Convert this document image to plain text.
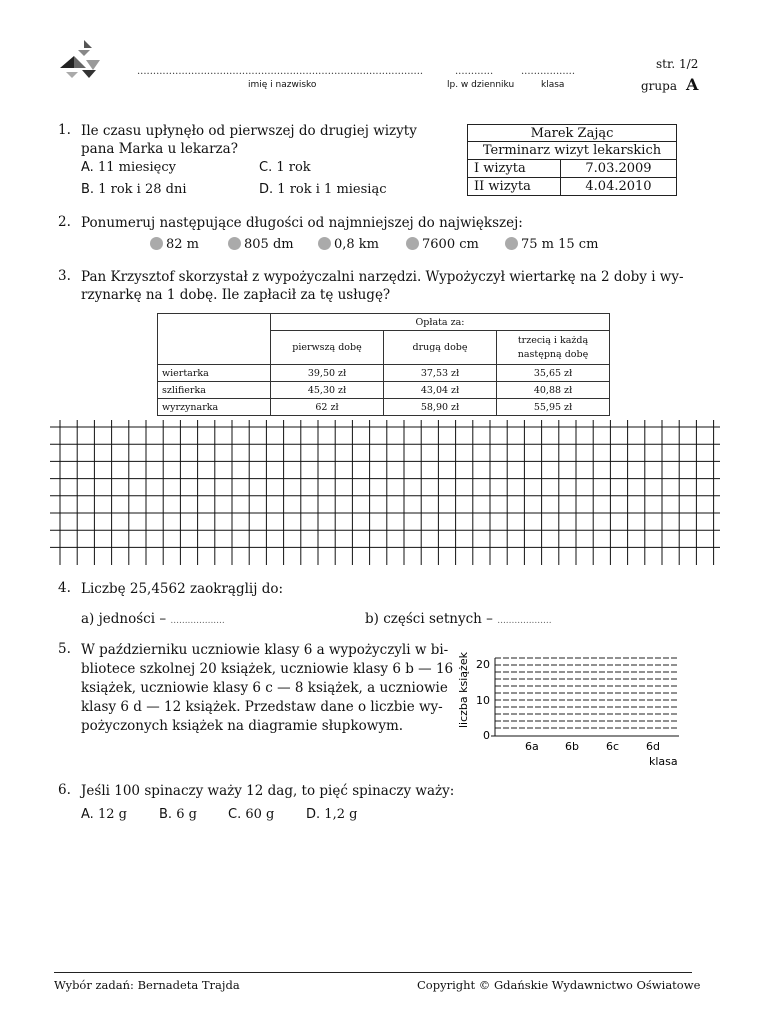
..........................................................................................
imię i nazwisko
............
lp. w dzienniku
.................
klasa
str. 1/2
grupa A
1. Ile czasu upłynęło od pierwszej do drugiej wizyty
pana Marka u lekarza?
A. 11 miesięcy	C. 1 rok
B. 1 rok i 28 dni	D. 1 rok i 1 miesiąc
Marek Zając	
Terminarz wizyt lekarskich	
I wizyta	7.03.2009
II wizyta	4.04.2010
2. Ponumeruj następujące długości od najmniejszej do największej:
82 m	805 dm	0,8 km	7600 cm	75 m 15 cm
3. Pan Krzysztof skorzystał z wypożyczalni narzędzi. Wypożyczył wiertarkę na 2 doby i wy-
rzynarkę na 1 dobę. Ile zapłacił za tę usługę?
	Opłata za:		
	pierwszą dobę	drugą dobę	trzecią i każdą
następną dobę
wiertarka	39,50 zł	37,53 zł	35,65 zł
szlifierka	45,30 zł	43,04 zł	40,88 zł
wyrzynarka	62 zł	58,90 zł	55,95 zł
4. Liczbę 25,4562 zaokrąglij do:
a) jedności – ...................	b) części setnych – ...................
5. W październiku uczniowie klasy 6 a wypożyczyli w bi-
bliotece szkolnej 20 książek, uczniowie klasy 6 b — 16
książek, uczniowie klasy 6 c — 8 książek, a uczniowie
klasy 6 d — 12 książek. Przedstaw dane o liczbie wy-
pożyczonych książek na diagramie słupkowym.	liczba książek 20
10
0
6a 6b 6c 6d
klasa
6. Jeśli 100 spinaczy waży 12 dag, to pięć spinaczy waży:
A. 12 g B. 6 g C. 60 g D. 1,2 g
Wybór zadań: Bernadeta Trajda	Copyright © Gdańskie Wydawnictwo Oświatowe
